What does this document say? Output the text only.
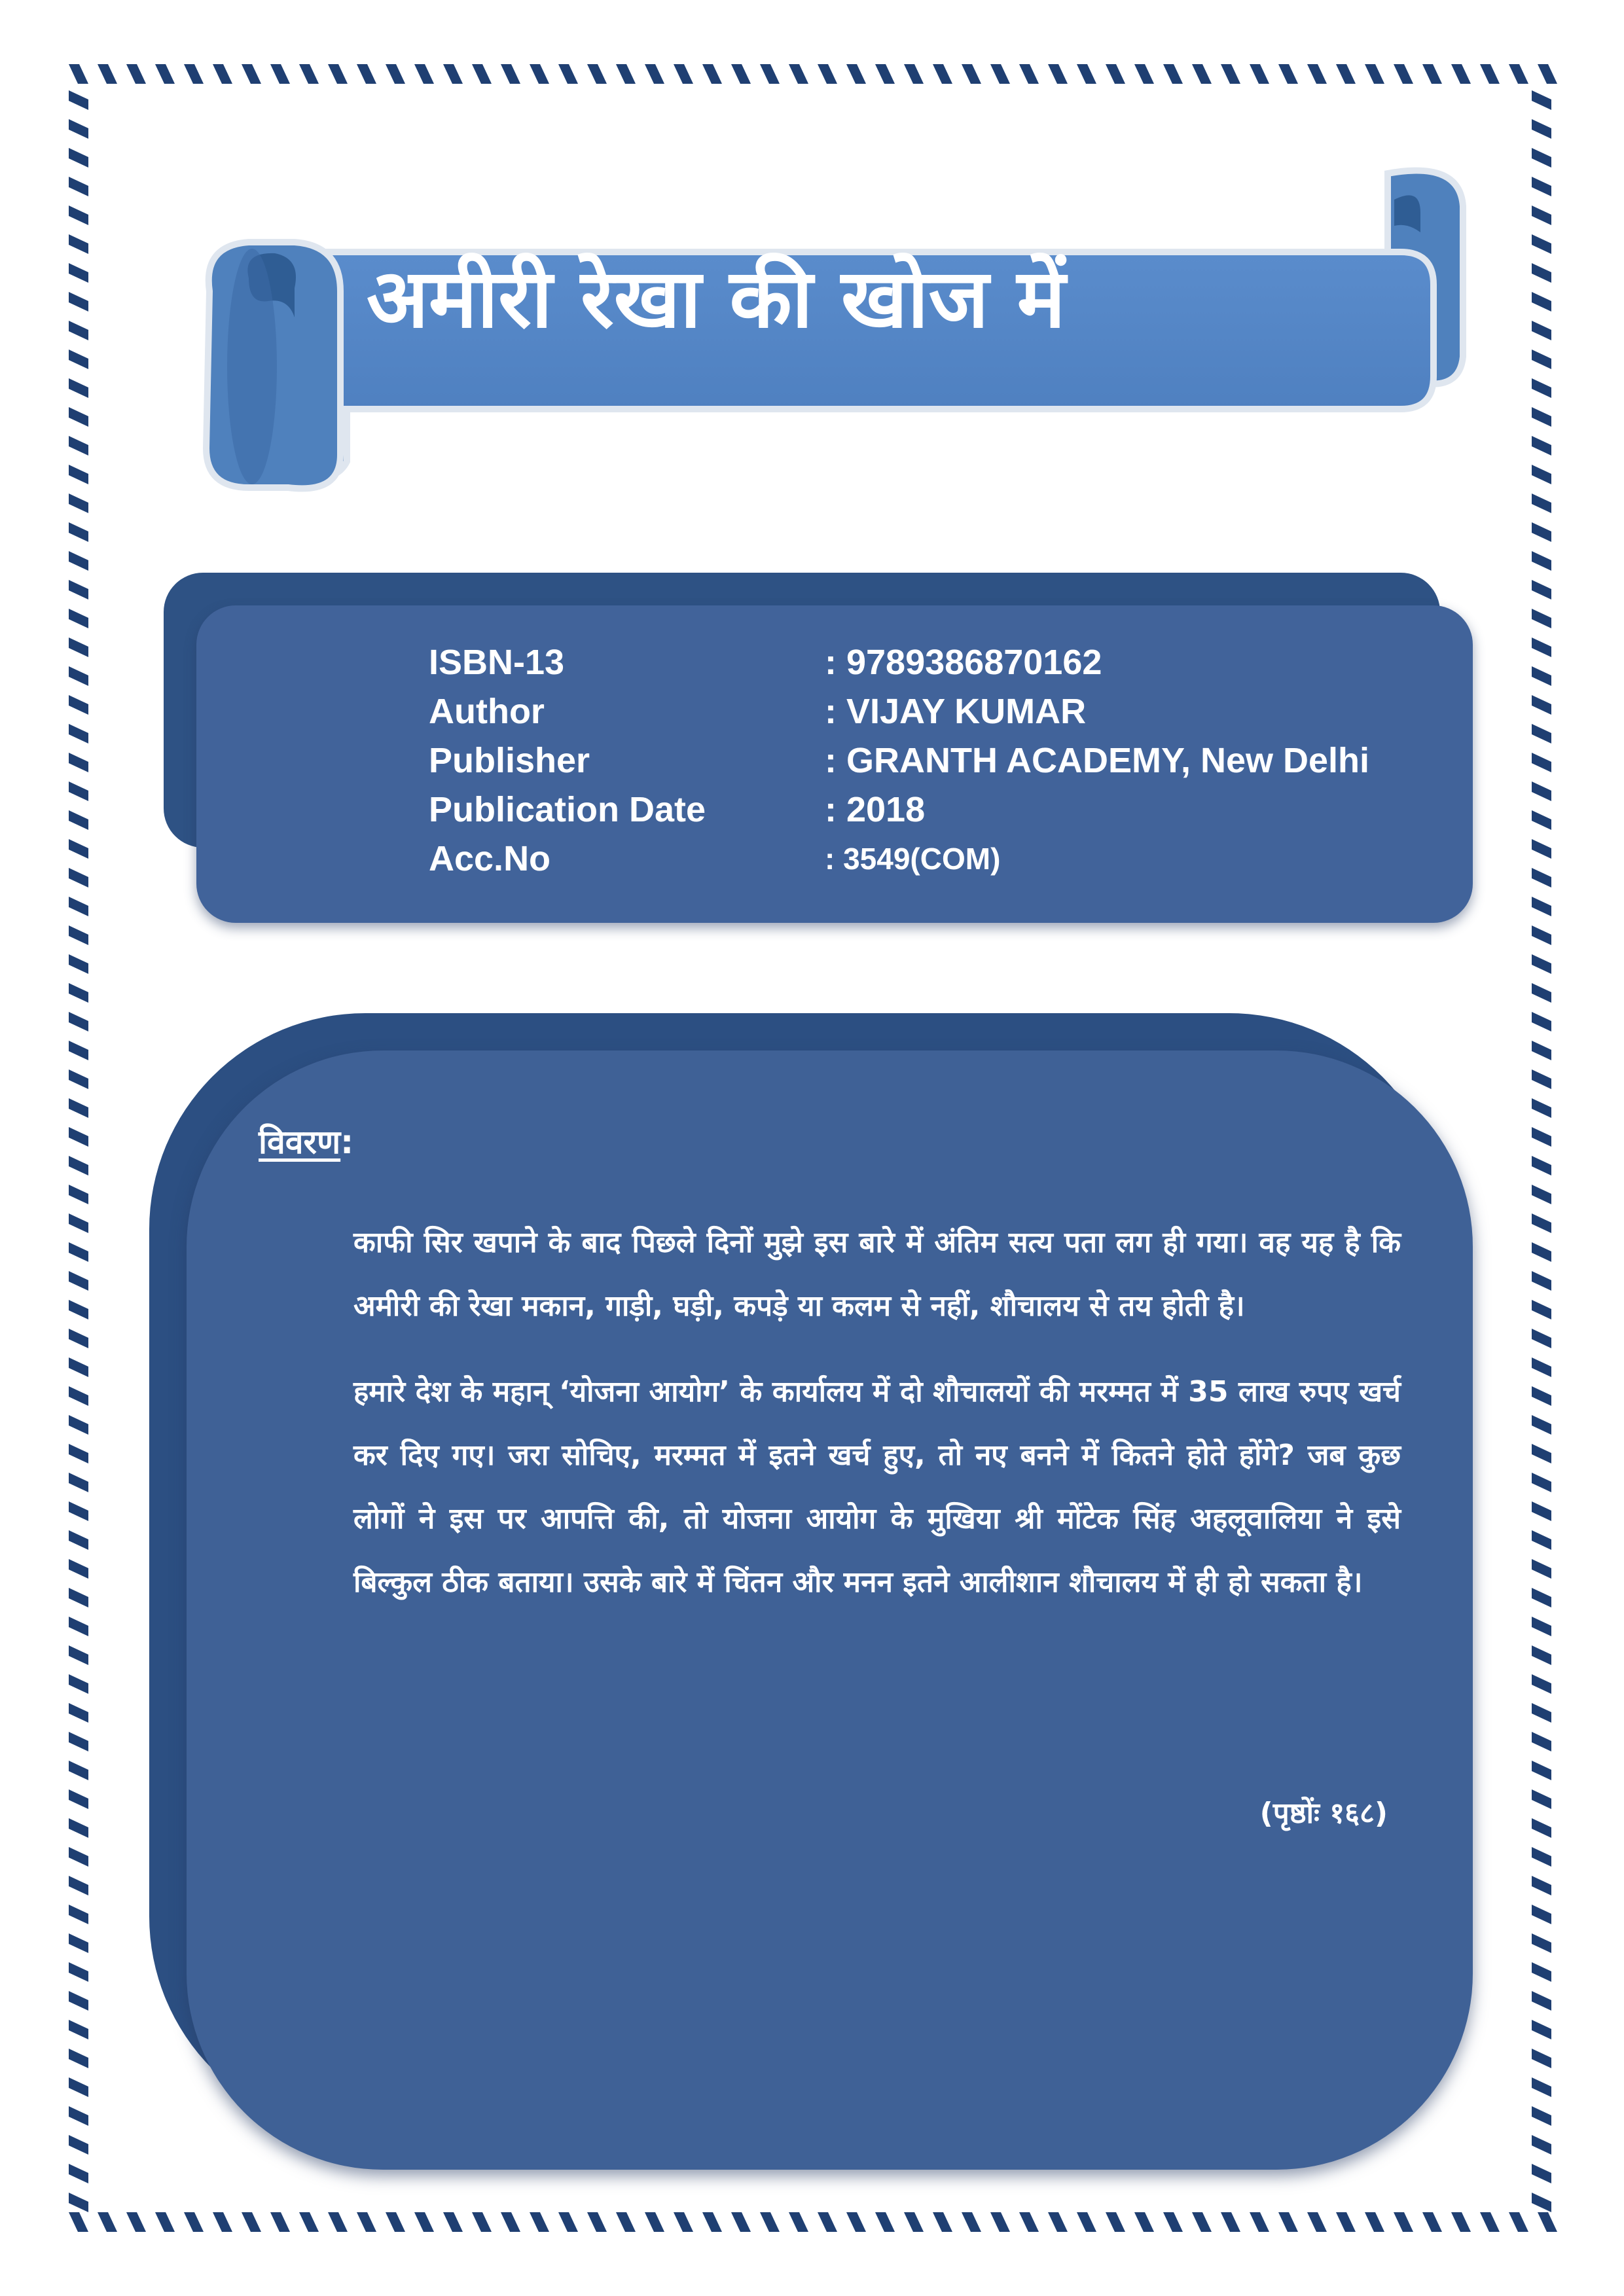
अमीरी रेखा की खोज में
ISBN-13	: 9789386870162
Author	: VIJAY KUMAR
Publisher	: GRANTH ACADEMY, New Delhi
Publication Date	: 2018
Acc.No	: 3549(COM)
विवरण:

काफी सिर खपाने के बाद पिछले दिनों मुझे इस बारे में अंतिम सत्य पता लग ही गया। वह यह है कि अमीरी की रेखा मकान, गाड़ी, घड़ी, कपड़े या कलम से नहीं, शौचालय से तय होती है।

हमारे देश के महान् ‘योजना आयोग’ के कार्यालय में दो शौचालयों की मरम्मत में 35 लाख रुपए खर्च कर दिए गए। जरा सोचिए, मरम्मत में इतने खर्च हुए, तो नए बनने में कितने होते होंगे? जब कुछ लोगों ने इस पर आपत्ति की, तो योजना आयोग के मुखिया श्री मोंटेक सिंह अहलूवालिया ने इसे बिल्कुल ठीक बताया। उसके बारे में चिंतन और मनन इतने आलीशान शौचालय में ही हो सकता है।

(पृष्ठोंः १६८)
